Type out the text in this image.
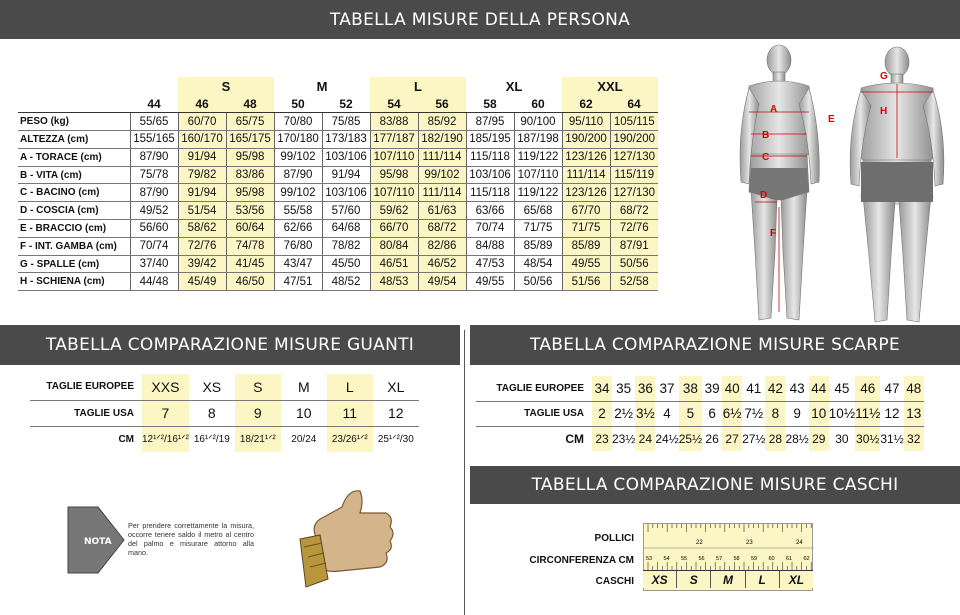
TABELLA MISURE DELLA PERSONA
		S		M		L		XL		XXL	
	44	46	48	50	52	54	56	58	60	62	64
PESO (kg)	55/65	60/70	65/75	70/80	75/85	83/88	85/92	87/95	90/100	95/110	105/115
ALTEZZA (cm)	155/165	160/170	165/175	170/180	173/183	177/187	182/190	185/195	187/198	190/200	190/200
A - TORACE (cm)	87/90	91/94	95/98	99/102	103/106	107/110	111/114	115/118	119/122	123/126	127/130
B - VITA (cm)	75/78	79/82	83/86	87/90	91/94	95/98	99/102	103/106	107/110	111/114	115/119
C - BACINO (cm)	87/90	91/94	95/98	99/102	103/106	107/110	111/114	115/118	119/122	123/126	127/130
D - COSCIA (cm)	49/52	51/54	53/56	55/58	57/60	59/62	61/63	63/66	65/68	67/70	68/72
E - BRACCIO (cm)	56/60	58/62	60/64	62/66	64/68	66/70	68/72	70/74	71/75	71/75	72/76
F - INT. GAMBA (cm)	70/74	72/76	74/78	76/80	78/82	80/84	82/86	84/88	85/89	85/89	87/91
G - SPALLE (cm)	37/40	39/42	41/45	43/47	45/50	46/51	46/52	47/53	48/54	49/55	50/56
H - SCHIENA (cm)	44/48	45/49	46/50	47/51	48/52	48/53	49/54	49/55	50/56	51/56	52/58
A
B
C
D
E
F
G
H
TABELLA COMPARAZIONE MISURE GUANTI	TABELLA COMPARAZIONE MISURE SCARPE
TAGLIE EUROPEE	XXS	XS	S	M	L	XL
TAGLIE USA	7	8	9	10	11	12
CM	12¹ᐟ²/16¹ᐟ²	16¹ᐟ²/19	18/21¹ᐟ²	20/24	23/26¹ᐟ²	25¹ᐟ²/30
TAGLIE EUROPEE	34	35	36	37	38	39	40	41	42	43	44	45	46	47	48
TAGLIE USA	2	2½	3½	4	5	6	6½	7½	8	9	10	10½	11½	12	13
CM	23	23½	24	24½	25½	26	27	27½	28	28½	29	30	30½	31½	32
TABELLA COMPARAZIONE MISURE CASCHI
POLLICI
CIRCONFERENZA CM
CASCHI
22	23	24
53 54 55 56 57 58 59 60 61 62
XS	S	M	L	XL
NOTA
Per prendere correttamente la misura, occorre tenere saldo il metro al centro del palmo e misurare attorno alla mano.
